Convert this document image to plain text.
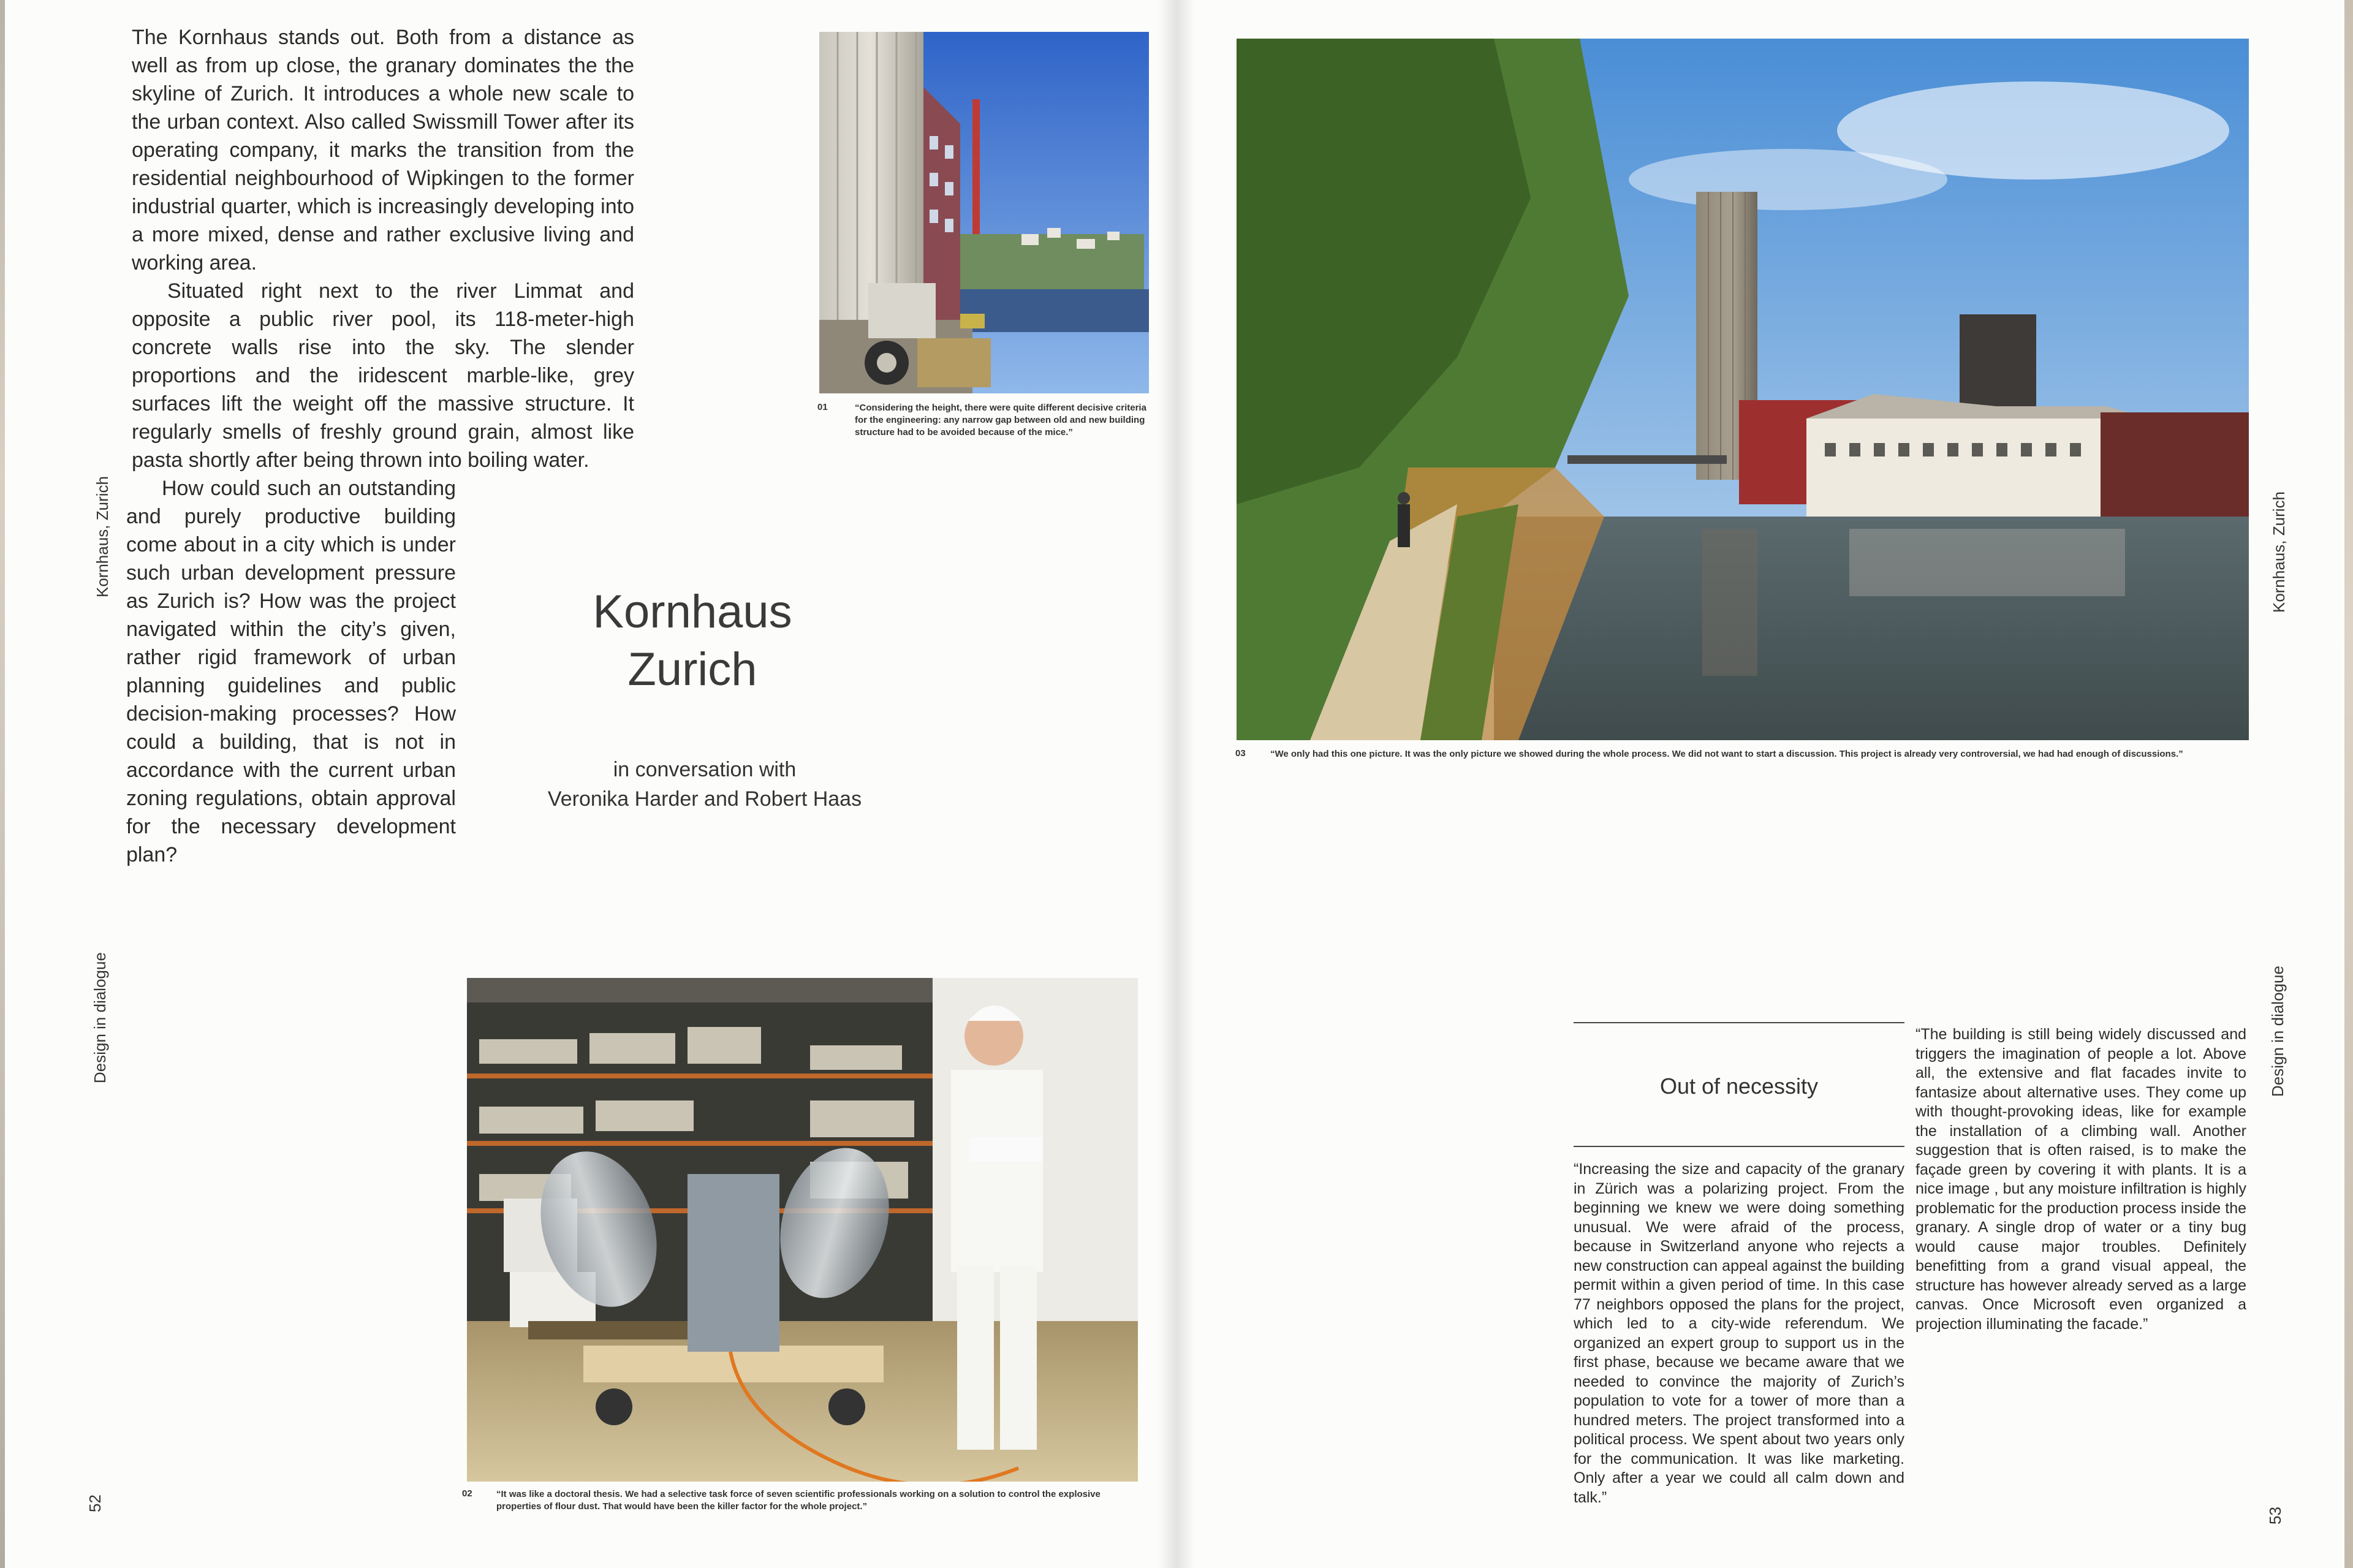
The Kornhaus stands out. Both from a distance as well as from up close, the granary dominates the the skyline of Zurich. It introduces a whole new scale to the urban context. Also called Swissmill Tower after its operating company, it marks the transition from the residential neighbourhood of Wipkingen to the former industrial quarter, which is increasingly developing into a more mixed, dense and rather exclusive living and working area.

Situated right next to the river Limmat and opposite a public river pool, its 118-meter-high concrete walls rise into the sky. The slender proportions and the iridescent marble-like, grey surfaces lift the weight off the massive structure. It regularly smells of freshly ground grain, almost like pasta shortly after being thrown into boiling water.

How could such an outstanding and purely productive building come about in a city which is under such urban development pressure as Zurich is? How was the project navigated within the city’s given, rather rigid framework of urban planning guidelines and public decision-making processes? How could a building, that is not in accordance with the current urban zoning regulations, obtain approval for the necessary development plan?

Kornhaus, Zurich
Design in dialogue
52
Kornhaus
Zurich
in conversation with
Veronika Harder and Robert Haas
01	“Considering the height, there were quite different decisive criteria for the engineering: any narrow gap between old and new building structure had to be avoided because of the mice.”
02	“It was like a doctoral thesis. We had a selective task force of seven scientific professionals working on a solution to control the explosive properties of flour dust. That would have been the killer factor for the whole project.”
03	“We only had this one picture. It was the only picture we showed during the whole process. We did not want to start a discussion. This project is already very controversial, we had had enough of discussions.”
Kornhaus, Zurich
Design in dialogue
53
Out of necessity

“Increasing the size and capacity of the granary in Zürich was a polarizing project. From the beginning we knew we were doing something unusual. We were afraid of the process, because in Switzerland anyone who rejects a new construction can appeal against the building permit within a given period of time. In this case 77 neighbors opposed the plans for the project, which led to a city-wide referendum. We organized an expert group to support us in the first phase, because we became aware that we needed to convince the majority of Zurich’s population to vote for a tower of more than a hundred meters. The project transformed into a political process. We spent about two years only for the communication. It was like marketing. Only after a year we could all calm down and talk.”

“The building is still being widely discussed and triggers the imagination of people a lot. Above all, the extensive and flat facades invite to fantasize about alternative uses. They come up with thought-provoking ideas, like for example the installation of a climbing wall. Another suggestion that is often raised, is to make the façade green by covering it with plants. It is a nice image , but any moisture infiltration is highly problematic for the production process inside the granary. A single drop of water or a tiny bug would cause major troubles. Definitely benefitting from a grand visual appeal, the structure has however already served as a large canvas. Once Microsoft even organized a projection illuminating the facade.”
